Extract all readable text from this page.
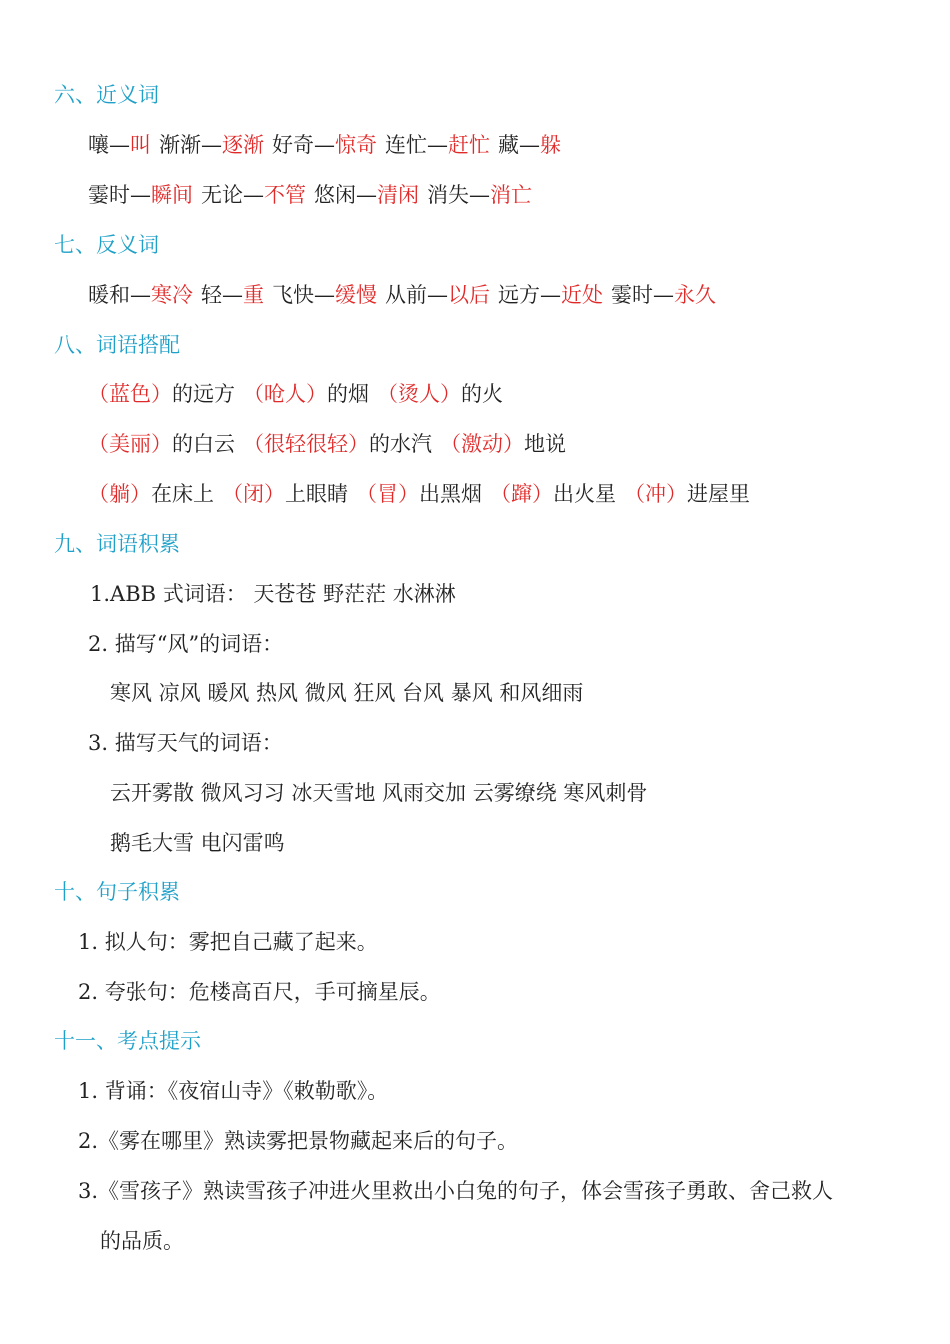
六、近义词
嚷—叫 渐渐—逐渐 好奇—惊奇 连忙—赶忙 藏—躲
霎时—瞬间 无论—不管 悠闲—清闲 消失—消亡
七、反义词
暖和—寒冷 轻—重 飞快—缓慢 从前—以后 远方—近处 霎时—永久
八、词语搭配
（蓝色）的远方 （呛人）的烟 （烫人）的火
（美丽）的白云 （很轻很轻）的水汽 （激动）地说
（躺）在床上 （闭）上眼睛 （冒）出黑烟 （蹿）出火星 （冲）进屋里
九、词语积累
1.ABB 式词语： 天苍苍 野茫茫 水淋淋
2. 描写“风”的词语：
寒风 凉风 暖风 热风 微风 狂风 台风 暴风 和风细雨
3. 描写天气的词语：
云开雾散 微风习习 冰天雪地 风雨交加 云雾缭绕 寒风刺骨
鹅毛大雪 电闪雷鸣
十、句子积累
1. 拟人句：雾把自己藏了起来。
2. 夸张句：危楼高百尺，手可摘星辰。
十一、考点提示
1. 背诵：《夜宿山寺》《敕勒歌》。
2.《雾在哪里》熟读雾把景物藏起来后的句子。
3.《雪孩子》熟读雪孩子冲进火里救出小白兔的句子，体会雪孩子勇敢、舍己救人
的品质。
